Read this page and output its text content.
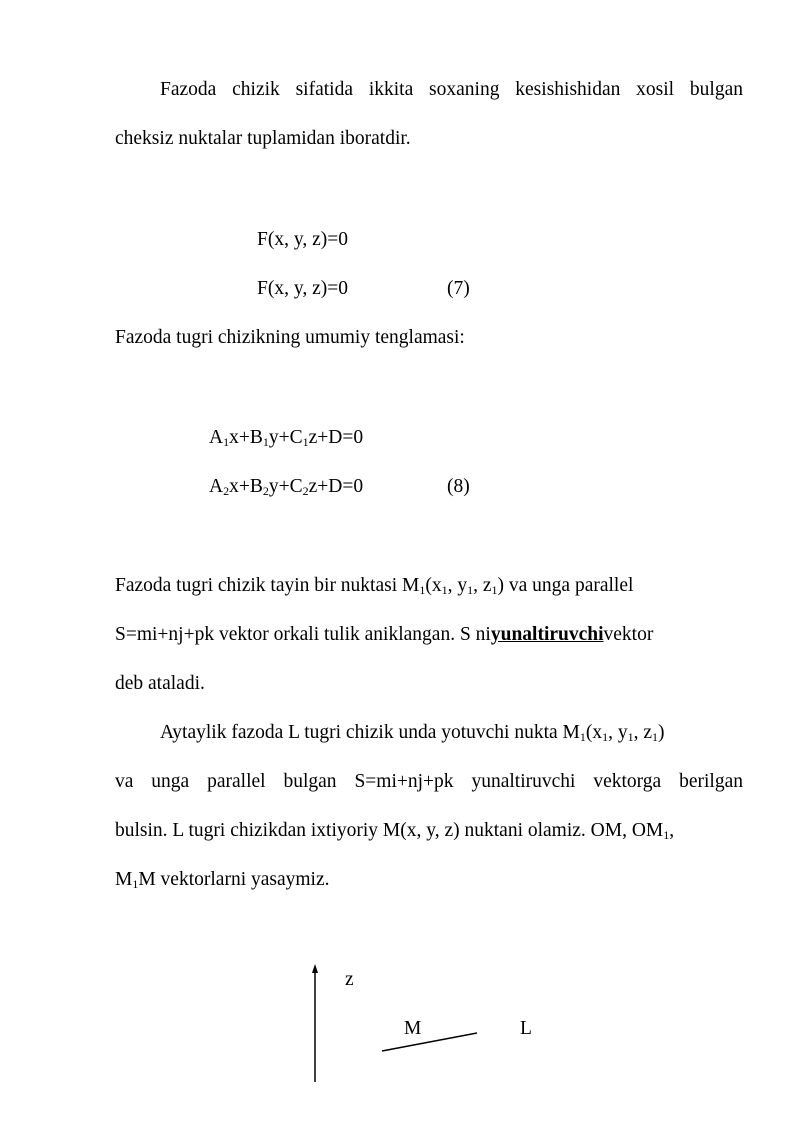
Fazoda chizik sifatida ikkita soxaning kesishishidan xosil bulgan
cheksiz nuktalar tuplamidan iboratdir.
F(x, y, z)=0
F(x, y, z)=0	(7)
Fazoda tugri chizikning umumiy tenglamasi:
$A_1x+B_1y+C_1z+D=0$
$A_2x+B_2y+C_2z+D=0$	(8)
Fazoda tugri chizik tayin bir nuktasi $M_1(x_1$, $y_1$, $z_1$) va unga parallel
S=mi+nj+pk vektor orkali tulik aniklangan. S niyunaltiruvchivektor
deb ataladi.
Aytaylik fazoda L tugri chizik unda yotuvchi nukta $M_1(x_1$, $y_1$, $z_1$)
va unga parallel bulgan S=mi+nj+pk yunaltiruvchi vektorga berilgan
bulsin. L tugri chizikdan ixtiyoriy M(x, y, z) nuktani olamiz. OM, $OM_1$,
$M_1M$ vektorlarni yasaymiz.
z
M	L
